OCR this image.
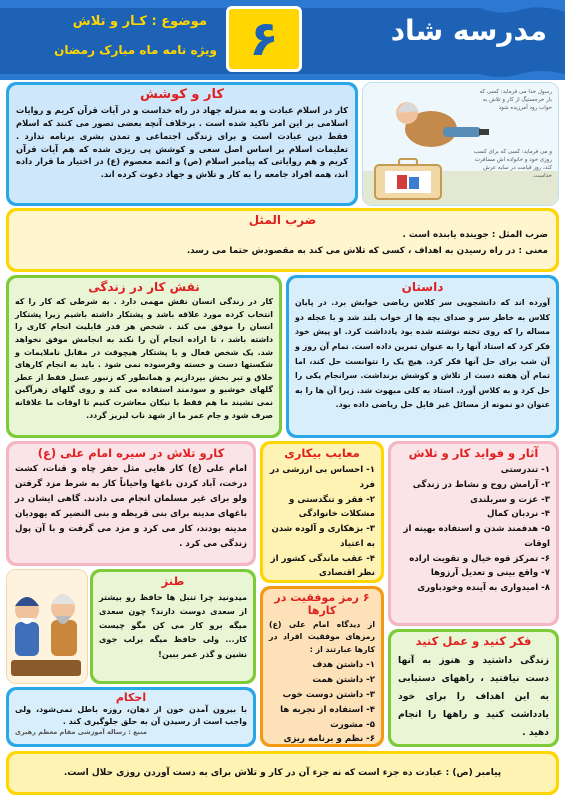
مدرسه شاد
۶
موضوع : کـار و تلاش
ویژه نامه ماه مبارک رمضان
کار و کوشش
کار در اسلام عبادت و به منزله جهاد در راه خداست و در آیات قرآن کریم و روایات اسلامی بر این امر تاکید شده است . برخلاف آنچه بعضی تصور می کنند که اسلام فقط دین عبادت است و برای زندگی اجتماعی و تمدن بشری برنامه ندارد . تعلیمات اسلام بر اساس اصل سعی و کوشش پی ریزی شده که هم آیات قرآن کریم و هم روایاتی که پیامبر اسلام (ص) و ائمه معصوم (ع) در اختیار ما قرار داده اند، همه افراد جامعه را به کار و تلاش و جهاد دعوت کرده اند.
رسول خدا می فرماید: کسی که بار خرجستیگ از کار و تلاش به خواب رود آمرزیده شود
و می فرماید: کسی که برای کسب روزی خود و خانواده اش مسافرت کند، روز قیامت در سایه عرش خداست.
ضرب المثل
ضرب المثل : جوینده یابنده است .
معنی : در راه رسیدن به اهداف ، کسی که تلاش می کند به مقصودش حتما می رسد.
نقش کار در زندگی
کار در زندگی انسان نقش مهمی دارد . به شرطی که کار را که انتخاب کرده مورد علاقه باشد و پشتکار داشته باشیم زیرا پشتکار انسان را موفق می کند . شخص هر قدر قابلیت انجام کاری را داشته باشد ، تا اراده انجام آن را نکند به انجامش موفق نخواهد شد. یک شخص فعال و با پشتکار هیچوقت در مقابل ناملایمات و شکستها دست و خسته وفرسوده نمی شود . باید به انجام کارهای خلاق و تبر بخش بپردازیم و همانطور که زنبور عسل فقط از عطر گلهای خوشبو و سودمند استفاده می کند و روی گلهای زهرآگین نمی نشیند ما هم فقط با نیکان معاشرت کنیم تا اوقات ما علاقانه صرف شود و جام عمر ما از شهد ناب لبریز گردد.
داستان
آورده اند که دانشجویی سر کلاس ریاضی خوابش برد. در پایان کلاس به خاطر سر و صدای بچه ها از خواب بلند شد و با عجله دو مساله را که روی تخته نوشته شده بود یادداشت کرد. او پیش خود فکر کرد که استاد آنها را به عنوان تمرین داده است. تمام آن روز و آن شب برای حل آنها فکر کرد. هیچ یک را نتوانست حل کند، اما تمام آن هفته دست از تلاش و کوشش برنداشت. سرانجام یکی را حل کرد و به کلاس آورد. استاد به کلی مبهوت شد. زیرا آن ها را به عنوان دو نمونه از مسائل غیر قابل حل ریاضی داده بود.
کارو تلاش در سیره امام علی (ع)
امام علی (ع) کار هایی مثل حفر چاه و قنات، کشت درخت، آباد کردن باغها واحیاناً کار به شرط مزد گرفتن ولو برای غیر مسلمان انجام می دادند. گاهی ایشان در باغهای مدینه برای بنی قریظه و بنی النضیر که یهودیان مدینه بودند، کار می کرد و مزد می گرفت و با آن پول زندگی می کرد .
معایب بیکاری
۱- احساس بی ارزشی در فرد
۲- فقر و تنگدستی و مشکلات خانوادگی
۳- بزهکاری و آلوده شدن به اعتیاد
۴- عقب ماندگی کشور از نظر اقتصادی
آثار و فواید کار و تلاش
۱- تندرستی
۲- آرامش روح و نشاط در زندگی
۳- عزت و سربلندی
۴- نردبان کمال
۵- هدفمند شدن و استفاده بهینه از اوقات
۶- تمرکز قوه خیال و تقویت اراده
۷- واقع بینی و تعدیل آرزوها
۸- امیدواری به آینده وخودباوری
طنز
میدونید چرا تنبل ها حافظ رو بیشتر از سعدی دوست دارند؟ چون سعدی میگه برو کار می کن مگو چیست کار... ولی حافظ میگه برلب جوی نشین و گذر عمر ببین!
۶ رمز موفقیت در کارها
از دیدگاه امام علی (ع) رمزهای موفقیت افراد در کارها عبارتند از :
۱- داشتن هدف
۲- داشتن همت
۳- داشتن دوست خوب
۴- استفاده از تجربه ها
۵- مشورت
۶- نظم و برنامه ریزی
فکر کنید و عمل کنید
زندگی داشتید و هنوز به آنها دست نیافتید ، راههای دستیابی به این اهداف را برای خود یادداشت کنید و راهها را انجام دهید .
احکام
با بیرون آمدن خون از دهان، روزه باطل نمی‌شود، ولی واجب است از رسیدن آن به حلق جلوگیری کند .
منبع : رساله آموزشی مقام معظم رهبری
پیامبر (ص) : عبادت ده جزء است که نه جزء آن در کار و تلاش برای به دست آوردن روزی حلال است.
